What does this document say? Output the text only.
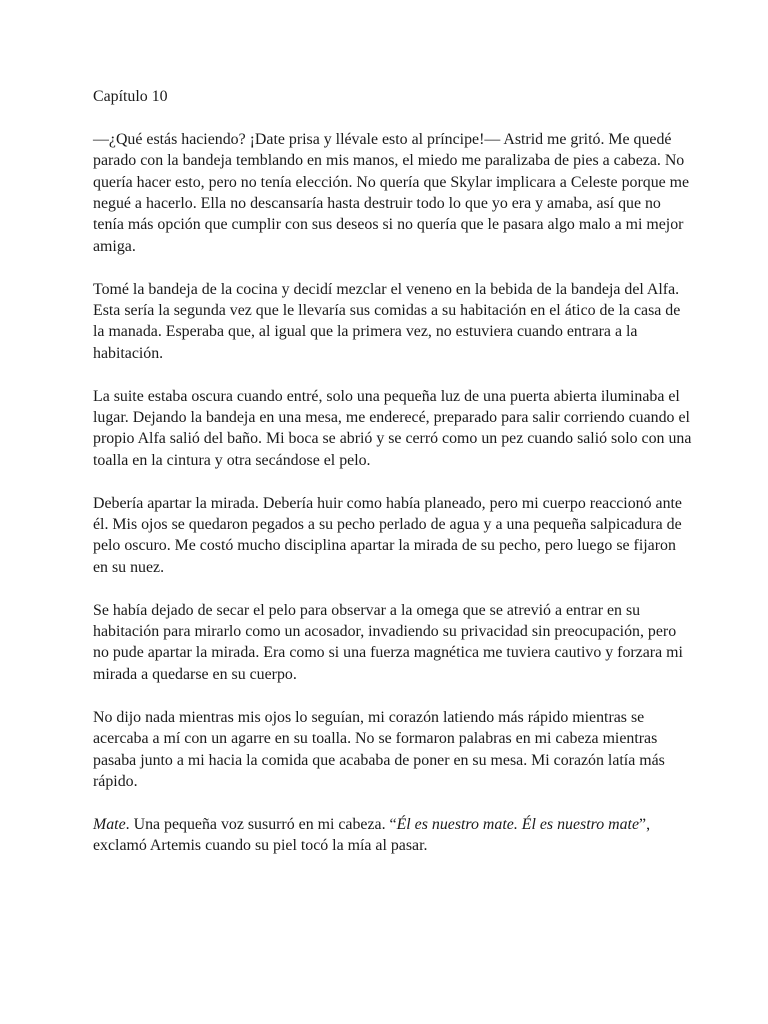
Capítulo 10

—¿Qué estás haciendo? ¡Date prisa y llévale esto al príncipe!— Astrid me gritó. Me quedé parado con la bandeja temblando en mis manos, el miedo me paralizaba de pies a cabeza. No quería hacer esto, pero no tenía elección. No quería que Skylar implicara a Celeste porque me negué a hacerlo. Ella no descansaría hasta destruir todo lo que yo era y amaba, así que no tenía más opción que cumplir con sus deseos si no quería que le pasara algo malo a mi mejor amiga.

Tomé la bandeja de la cocina y decidí mezclar el veneno en la bebida de la bandeja del Alfa. Esta sería la segunda vez que le llevaría sus comidas a su habitación en el ático de la casa de la manada. Esperaba que, al igual que la primera vez, no estuviera cuando entrara a la habitación.

La suite estaba oscura cuando entré, solo una pequeña luz de una puerta abierta iluminaba el lugar. Dejando la bandeja en una mesa, me enderecé, preparado para salir corriendo cuando el propio Alfa salió del baño. Mi boca se abrió y se cerró como un pez cuando salió solo con una toalla en la cintura y otra secándose el pelo.

Debería apartar la mirada. Debería huir como había planeado, pero mi cuerpo reaccionó ante él. Mis ojos se quedaron pegados a su pecho perlado de agua y a una pequeña salpicadura de pelo oscuro. Me costó mucho disciplina apartar la mirada de su pecho, pero luego se fijaron en su nuez.

Se había dejado de secar el pelo para observar a la omega que se atrevió a entrar en su habitación para mirarlo como un acosador, invadiendo su privacidad sin preocupación, pero no pude apartar la mirada. Era como si una fuerza magnética me tuviera cautivo y forzara mi mirada a quedarse en su cuerpo.

No dijo nada mientras mis ojos lo seguían, mi corazón latiendo más rápido mientras se acercaba a mí con un agarre en su toalla. No se formaron palabras en mi cabeza mientras pasaba junto a mi hacia la comida que acababa de poner en su mesa. Mi corazón latía más rápido.

Mate. Una pequeña voz susurró en mi cabeza. “Él es nuestro mate. Él es nuestro mate”, exclamó Artemis cuando su piel tocó la mía al pasar.
